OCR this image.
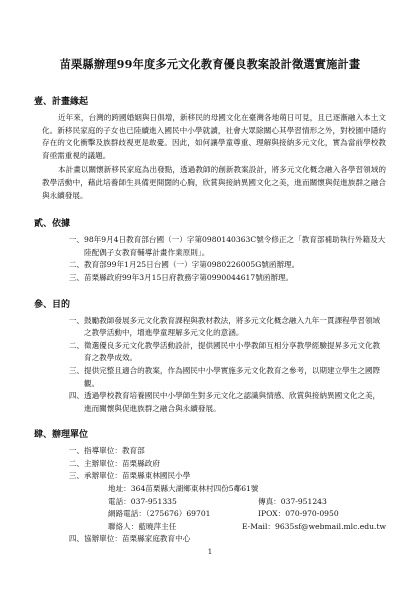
苗栗縣辦理99年度多元文化教育優良教案設計徵選實施計畫
壹、計畫緣起

近年來，台灣的跨國婚姻與日俱增，新移民的母國文化在臺灣各地萌日可見，且已逐漸融入本土文化。新移民家庭的子女也已陸續進入國民中小學就讀，社會大眾除關心其學習情形之外，對校園中隱約存在的文化衝擊及族群歧視更是敢憂。因此，如何讓學童尊重、理解與接納多元文化，實為當前學校教育亟需重視的議題。

本計畫以關懷新移民家庭為出發點，透過教師的創新教案設計，將多元文化概念融入各學習領域的教學活動中，藉此培養師生具備更開闊的心胸，欣賞與接納異國文化之美，進而關懷與促進族群之融合與永續發展。

貳、依據
一、 98年9月4日教育部台國（一）字第0980140363C號令修正之「教育部補助執行外籍及大陸配偶子女教育輔導計畫作業原則」。
二、 教育部99年1月25日台國（一）字第0980226005G號函辦理。
三、 苗栗縣政府99年3月15日府教務字第0990044617號函辦理。
參、目的
一、 鼓勵教師發展多元文化教育課程與教材教法，將多元文化概念融入九年一貫課程學習領域之教學活動中，增進學童理解多元文化的意涵。
二、 徵選優良多元文化教學活動設計，提供國民中小學教師互相分享教學經驗提昇多元文化教育之教學成效。
三、 提供完整且適合的教案，作為國民中小學實施多元文化教育之參考，以期建立學生之國際觀。
四、 透過學校教育培養國民中小學師生對多元文化之認識與情感、欣賞與接納異國文化之美，進而關懷與促進族群之融合與永續發展。
肆、辦理單位
一、 指導單位：教育部
二、 主辦單位：苗栗縣政府
三、 承辦單位：苗栗縣東林國民小學
地址：364苗栗縣大湖鄉東林村四份5鄰61號
電話：037-951335	傳真：037-951243
網路電話：（275676）69701	IPOX：070-970-0950
聯絡人：藍曉萍主任	E-Mail：9635sf@webmail.mlc.edu.tw
四、 協辦單位：苗栗縣家庭教育中心
1
